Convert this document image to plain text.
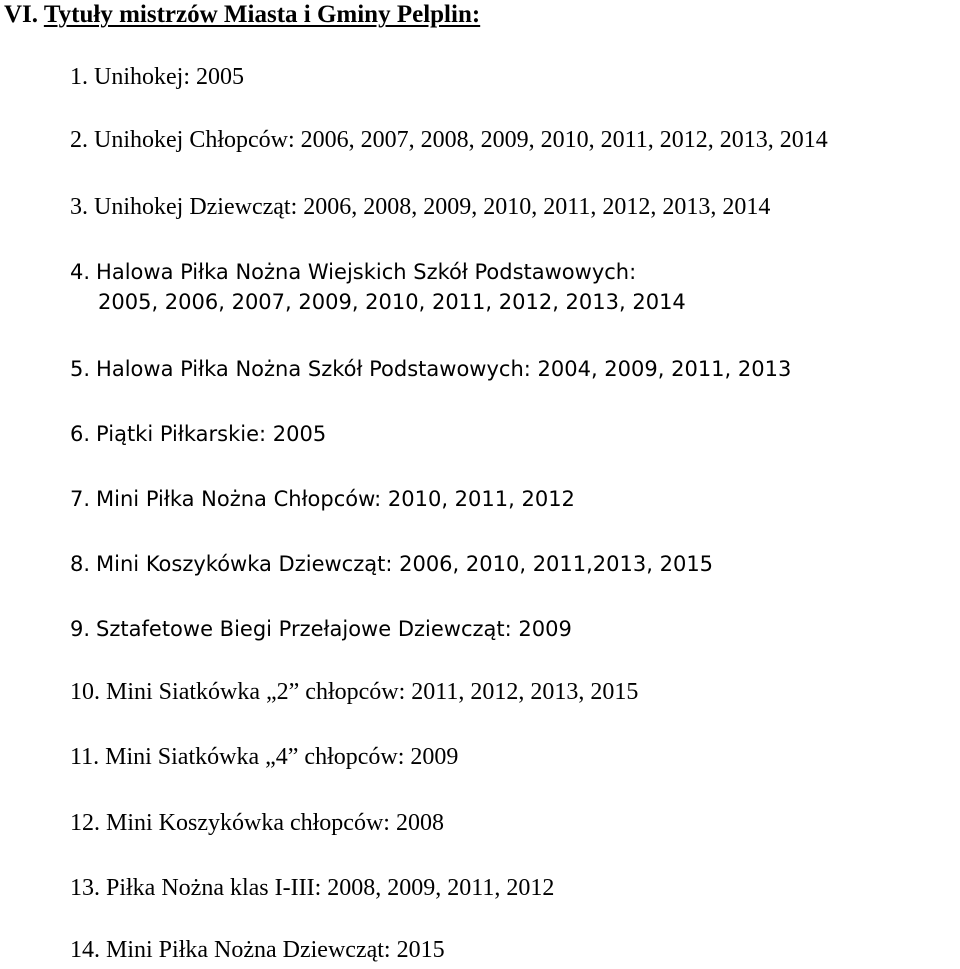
VI. Tytuły mistrzów Miasta i Gminy Pelplin:
1. Unihokej: 2005
2. Unihokej Chłopców: 2006, 2007, 2008, 2009, 2010, 2011, 2012, 2013, 2014
3. Unihokej Dziewcząt: 2006, 2008, 2009, 2010, 2011, 2012, 2013, 2014
4. Halowa Piłka Nożna Wiejskich Szkół Podstawowych:
2005, 2006, 2007, 2009, 2010, 2011, 2012, 2013, 2014
5. Halowa Piłka Nożna Szkół Podstawowych: 2004, 2009, 2011, 2013
6. Piątki Piłkarskie: 2005
7. Mini Piłka Nożna Chłopców: 2010, 2011, 2012
8. Mini Koszykówka Dziewcząt: 2006, 2010, 2011,2013, 2015
9. Sztafetowe Biegi Przełajowe Dziewcząt: 2009
10. Mini Siatkówka „2” chłopców: 2011, 2012, 2013, 2015
11. Mini Siatkówka „4” chłopców: 2009
12. Mini Koszykówka chłopców: 2008
13. Piłka Nożna klas I-III: 2008, 2009, 2011, 2012
14. Mini Piłka Nożna Dziewcząt: 2015
